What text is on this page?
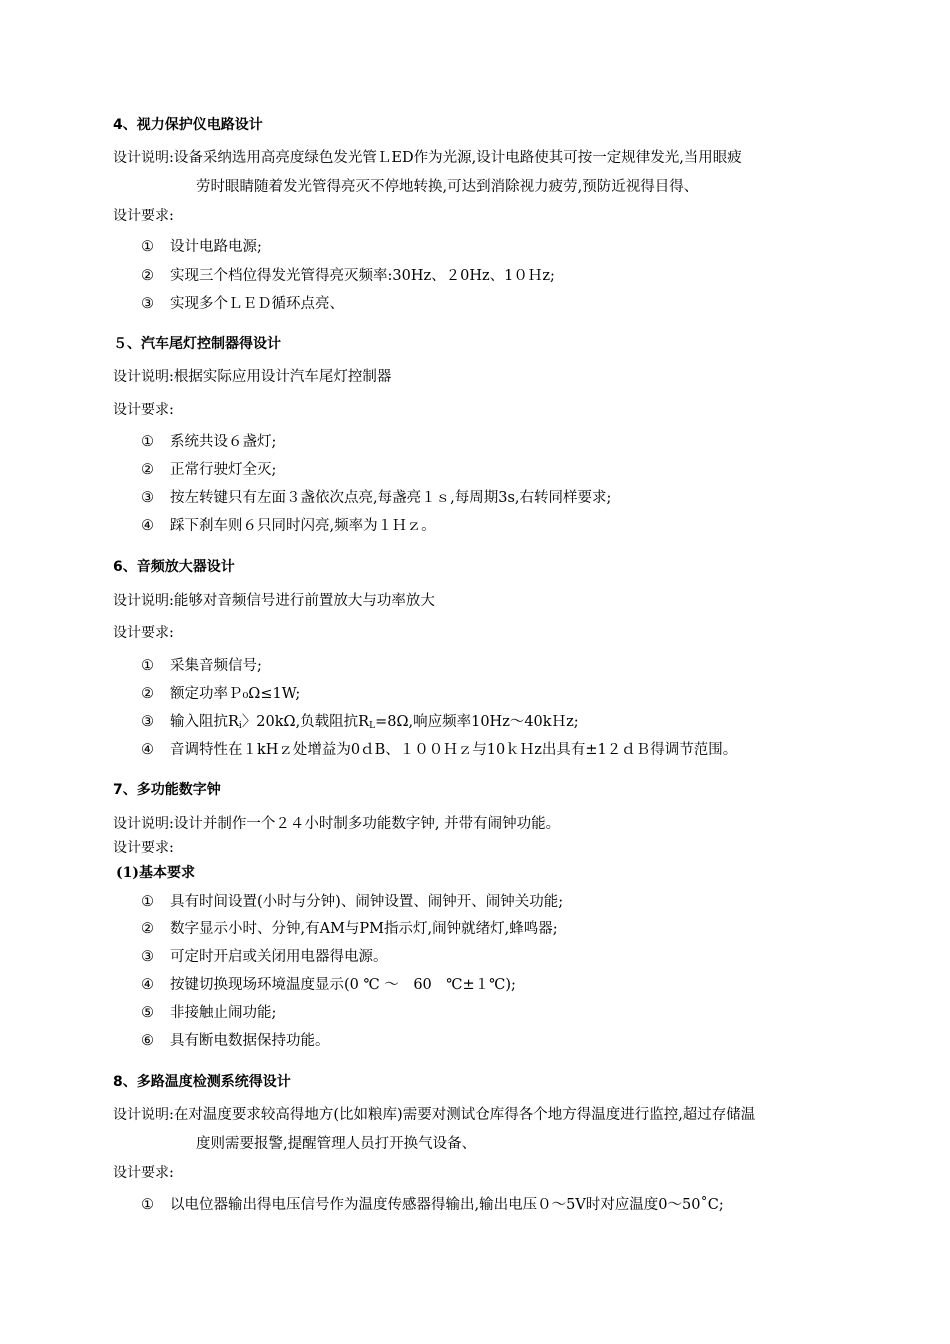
4、视力保护仪电路设计
设计说明:设备采纳选用高亮度绿色发光管ＬED作为光源,设计电路使其可按一定规律发光,当用眼疲
劳时眼睛随着发光管得亮灭不停地转换,可达到消除视力疲劳,预防近视得目得、
设计要求:
① 设计电路电源;
② 实现三个档位得发光管得亮灭频率:30Hz、２0Hz、1０Ｈz;
③ 实现多个ＬＥＤ循环点亮、
５、汽车尾灯控制器得设计
设计说明:根据实际应用设计汽车尾灯控制器
设计要求:
① 系统共设６盏灯;
② 正常行驶灯全灭;
③ 按左转键只有左面３盏依次点亮,每盏亮１ｓ,每周期3s,右转同样要求;
④ 踩下刹车则６只同时闪亮,频率为１Ｈｚ。
6、音频放大器设计
设计说明:能够对音频信号进行前置放大与功率放大
设计要求:
① 采集音频信号;
② 额定功率Ｐ₀Ω≤1W;
③ 输入阻抗$R_i$〉20kΩ,负载阻抗$R_L=8\Omega$,响应频率10Hz～40kＨz;
④ 音调特性在１kHｚ处增益为0ｄB、１００Ｈｚ与10ｋＨz出具有±1２ｄＢ得调节范围。
7、多功能数字钟
设计说明:设计并制作一个２４小时制多功能数字钟, 并带有闹钟功能。
设计要求:
(1)基本要求
① 具有时间设置(小时与分钟)、闹钟设置、闹钟开、闹钟关功能;
② 数字显示小时、分钟,有AM与PM指示灯,闹钟就绪灯,蜂鸣器;
③ 可定时开启或关闭用电器得电源。
④ 按键切换现场环境温度显示(0 ℃ ～　60　℃±１℃);
⑤ 非接触止闹功能;
⑥ 具有断电数据保持功能。
8、多路温度检测系统得设计
设计说明:在对温度要求较高得地方(比如粮库)需要对测试仓库得各个地方得温度进行监控,超过存储温
度则需要报警,提醒管理人员打开换气设备、
设计要求:
① 以电位器输出得电压信号作为温度传感器得输出,输出电压０～5V时对应温度0～50˚C;
